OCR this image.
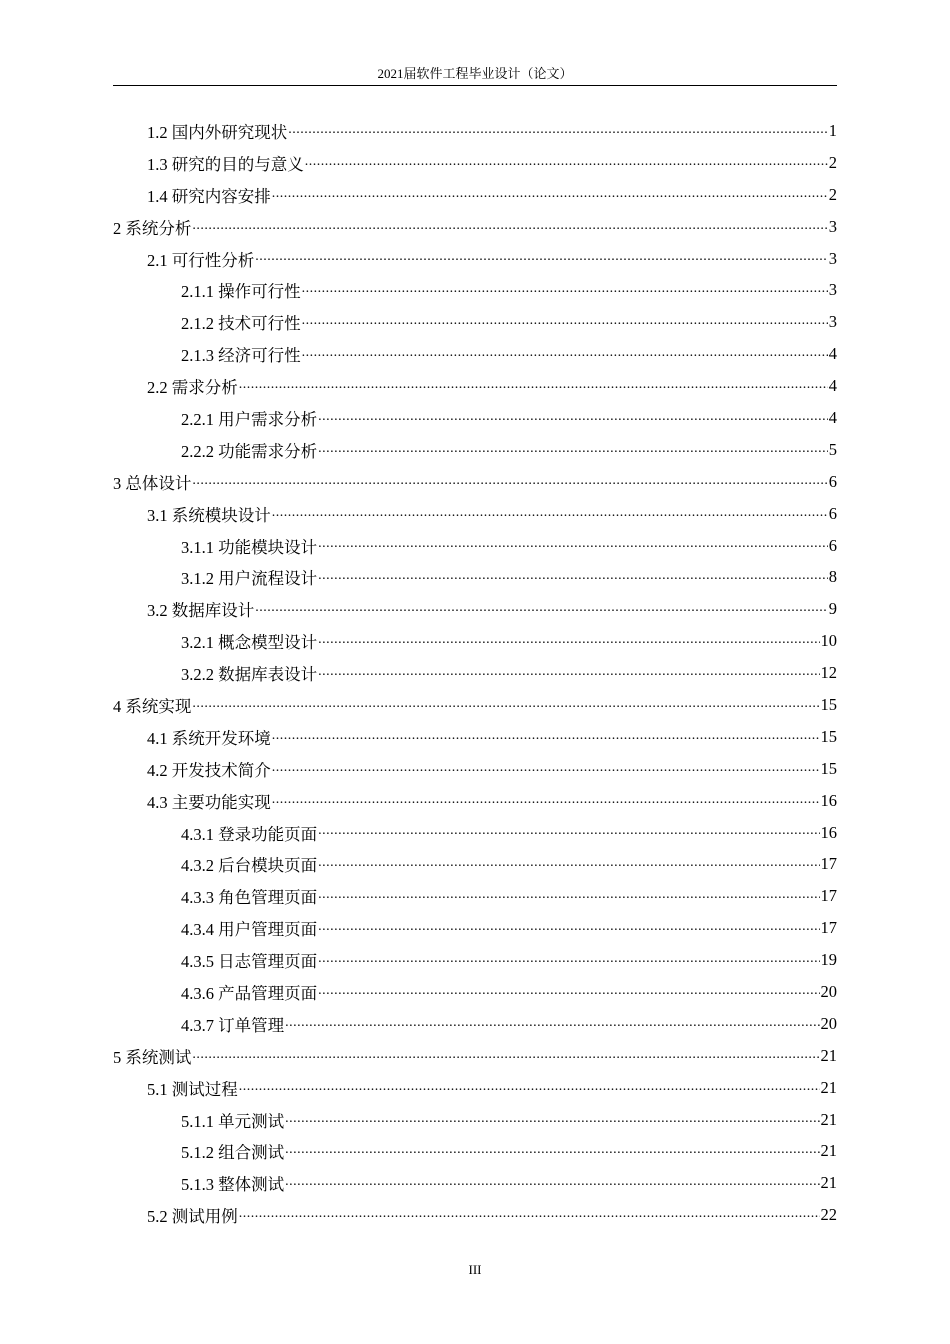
2021届软件工程毕业设计（论文）
1.2 国内外研究现状 .....	1
1.3 研究的目的与意义 .....	2
1.4 研究内容安排 .....	2
2 系统分析 .....	3
2.1 可行性分析 .....	3
2.1.1 操作可行性 .....	3
2.1.2 技术可行性 .....	3
2.1.3 经济可行性 .....	4
2.2 需求分析 .....	4
2.2.1 用户需求分析 .....	4
2.2.2 功能需求分析 .....	5
3 总体设计 .....	6
3.1 系统模块设计 .....	6
3.1.1 功能模块设计 .....	6
3.1.2 用户流程设计 .....	8
3.2 数据库设计 .....	9
3.2.1 概念模型设计 .....	10
3.2.2 数据库表设计 .....	12
4 系统实现 .....	15
4.1 系统开发环境 .....	15
4.2 开发技术简介 .....	15
4.3 主要功能实现 .....	16
4.3.1 登录功能页面 .....	16
4.3.2 后台模块页面 .....	17
4.3.3 角色管理页面 .....	17
4.3.4 用户管理页面 .....	17
4.3.5 日志管理页面 .....	19
4.3.6 产品管理页面 .....	20
4.3.7 订单管理 .....	20
5 系统测试 .....	21
5.1 测试过程 .....	21
5.1.1 单元测试 .....	21
5.1.2 组合测试 .....	21
5.1.3 整体测试 .....	21
5.2 测试用例 .....	22
III
